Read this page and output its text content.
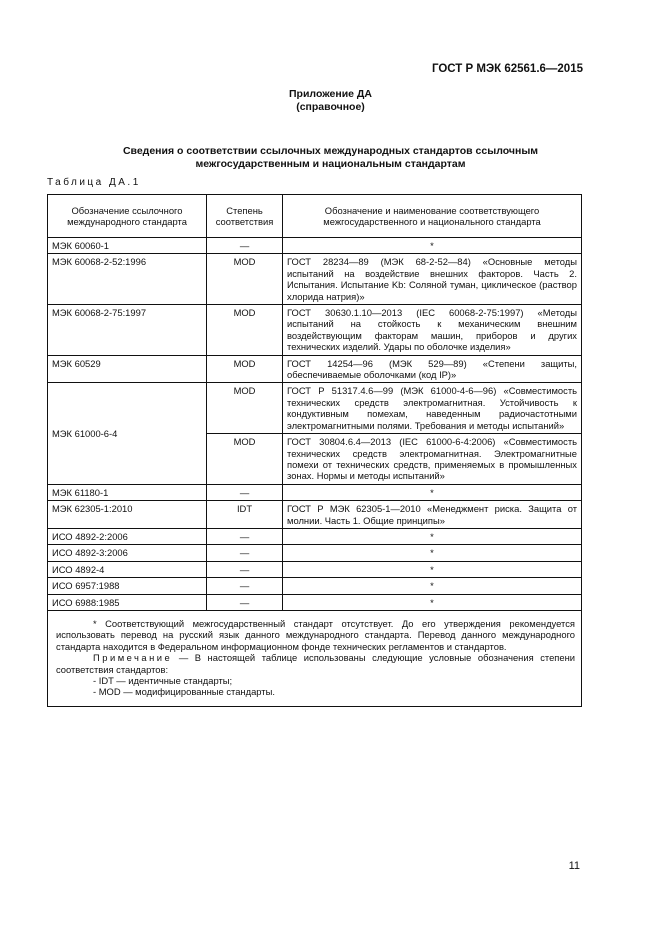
ГОСТ Р МЭК 62561.6—2015
Приложение ДА
(справочное)
Сведения о соответствии ссылочных международных стандартов ссылочным
межгосударственным и национальным стандартам
Таблица ДА.1
Обозначение ссылочного международного стандарта	Степень соответствия	Обозначение и наименование соответствующего межгосударственного и национального стандарта
МЭК 60060-1	—	*
МЭК 60068-2-52:1996	MOD	ГОСТ 28234—89 (МЭК 68-2-52—84) «Основные методы испытаний на воздействие внешних факторов. Часть 2. Испытания. Испытание Kb: Соляной туман, циклическое (раствор хлорида натрия)»
МЭК 60068-2-75:1997	MOD	ГОСТ 30630.1.10—2013 (IEC 60068-2-75:1997) «Методы испытаний на стойкость к механическим внешним воздействующим факторам машин, приборов и других технических изделий. Удары по оболочке изделия»
МЭК 60529	MOD	ГОСТ 14254—96 (МЭК 529—89) «Степени защиты, обеспечиваемые оболочками (код IP)»
МЭК 61000-6-4	MOD	ГОСТ Р 51317.4.6—99 (МЭК 61000-4-6—96) «Совместимость технических средств электромагнитная. Устойчивость к кондуктивным помехам, наведенным радиочастотными электромагнитными полями. Требования и методы испытаний»
	MOD	ГОСТ 30804.6.4—2013 (IEC 61000-6-4:2006) «Совместимость технических средств электромагнитная. Электромагнитные помехи от технических средств, применяемых в промышленных зонах. Нормы и методы испытаний»
МЭК 61180-1	—	*
МЭК 62305-1:2010	IDT	ГОСТ Р МЭК 62305-1—2010 «Менеджмент риска. Защита от молнии. Часть 1. Общие принципы»
ИСО 4892-2:2006	—	*
ИСО 4892-3:2006	—	*
ИСО 4892-4	—	*
ИСО 6957:1988	—	*
ИСО 6988:1985	—	*

* Соответствующий межгосударственный стандарт отсутствует. До его утверждения рекомендуется использовать перевод на русский язык данного международного стандарта. Перевод данного международного стандарта находится в Федеральном информационном фонде технических регламентов и стандартов.

Примечание — В настоящей таблице использованы следующие условные обозначения степени соответствия стандартов:

- IDT — идентичные стандарты;

- MOD — модифицированные стандарты.		

11
